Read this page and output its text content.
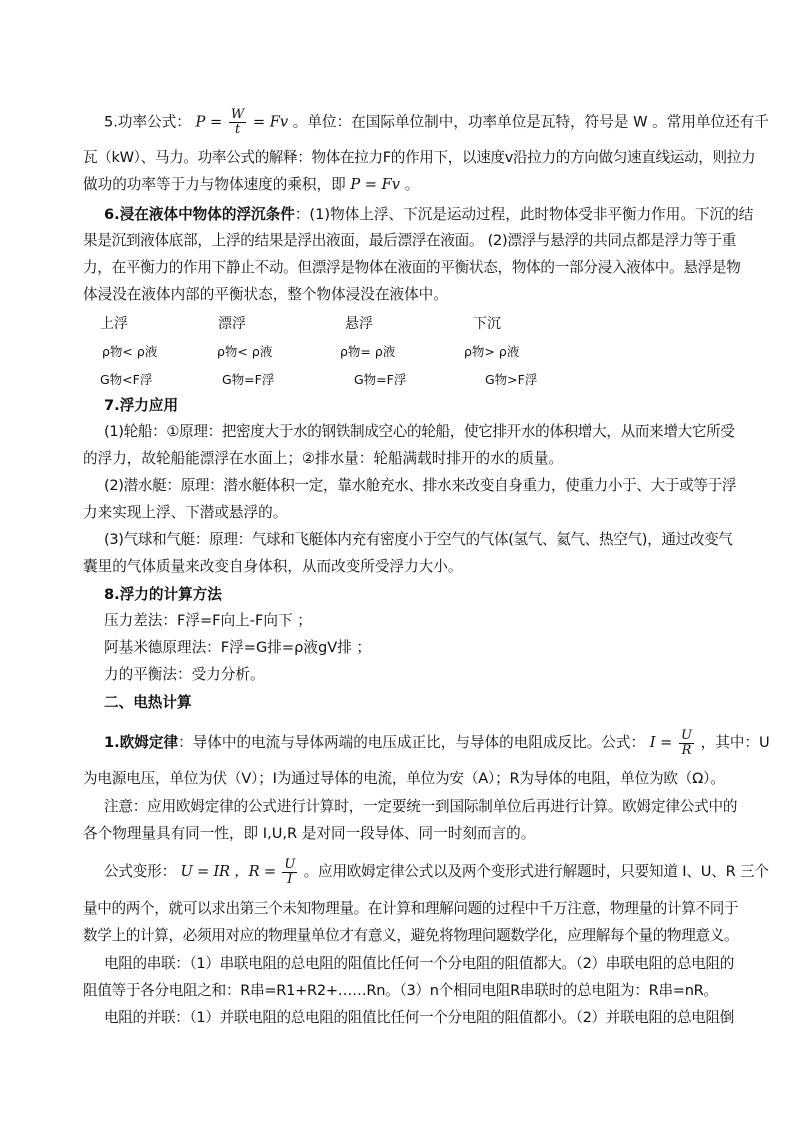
5.功率公式： $P = \frac{W}{t} = Fv$ 。单位：在国际单位制中，功率单位是瓦特，符号是 W 。常用单位还有千
瓦（kW）、马力。功率公式的解释：物体在拉力F的作用下，以速度v沿拉力的方向做匀速直线运动，则拉力
做功的功率等于力与物体速度的乘积，即 P = Fv 。
6.浸在液体中物体的浮沉条件：(1)物体上浮、下沉是运动过程，此时物体受非平衡力作用。下沉的结
果是沉到液体底部，上浮的结果是浮出液面，最后漂浮在液面。 (2)漂浮与悬浮的共同点都是浮力等于重
力，在平衡力的作用下静止不动。但漂浮是物体在液面的平衡状态，物体的一部分浸入液体中。悬浮是物
体浸没在液体内部的平衡状态，整个物体浸没在液体中。
上浮	漂浮	悬浮	下沉
ρ物< ρ液	ρ物< ρ液	ρ物= ρ液	ρ物> ρ液
G物<F浮	G物=F浮	G物=F浮	G物>F浮
7.浮力应用
(1)轮船：①原理：把密度大于水的钢铁制成空心的轮船，使它排开水的体积增大，从而来增大它所受
的浮力，故轮船能漂浮在水面上；②排水量：轮船满载时排开的水的质量。
(2)潜水艇：原理：潜水艇体积一定，靠水舱充水、排水来改变自身重力，使重力小于、大于或等于浮
力来实现上浮、下潜或悬浮的。
(3)气球和气艇：原理：气球和飞艇体内充有密度小于空气的气体(氢气、氦气、热空气)，通过改变气
囊里的气体质量来改变自身体积，从而改变所受浮力大小。
8.浮力的计算方法
压力差法：F浮=F向上-F向下 ；
阿基米德原理法：F浮=G排=ρ液gV排 ；
力的平衡法：受力分析。
二、电热计算
1.欧姆定律：导体中的电流与导体两端的电压成正比，与导体的电阻成反比。公式： $I = \frac{U}{R}$ ，其中：U
为电源电压，单位为伏（V）；I为通过导体的电流，单位为安（A）；R为导体的电阻，单位为欧（Ω）。
注意：应用欧姆定律的公式进行计算时，一定要统一到国际制单位后再进行计算。欧姆定律公式中的
各个物理量具有同一性，即 I,U,R 是对同一段导体、同一时刻而言的。
公式变形： U = IR ，$R = \frac{U}{I}$ 。应用欧姆定律公式以及两个变形式进行解题时，只要知道 I、U、R 三个
量中的两个，就可以求出第三个未知物理量。在计算和理解问题的过程中千万注意，物理量的计算不同于
数学上的计算，必须用对应的物理量单位才有意义，避免将物理问题数学化，应理解每个量的物理意义。
电阻的串联：（1）串联电阻的总电阻的阻值比任何一个分电阻的阻值都大。（2）串联电阻的总电阻的
阻值等于各分电阻之和：R串=R1+R2+……Rn。（3）n个相同电阻R串联时的总电阻为：R串=nR。
电阻的并联：（1）并联电阻的总电阻的阻值比任何一个分电阻的阻值都小。（2）并联电阻的总电阻倒
